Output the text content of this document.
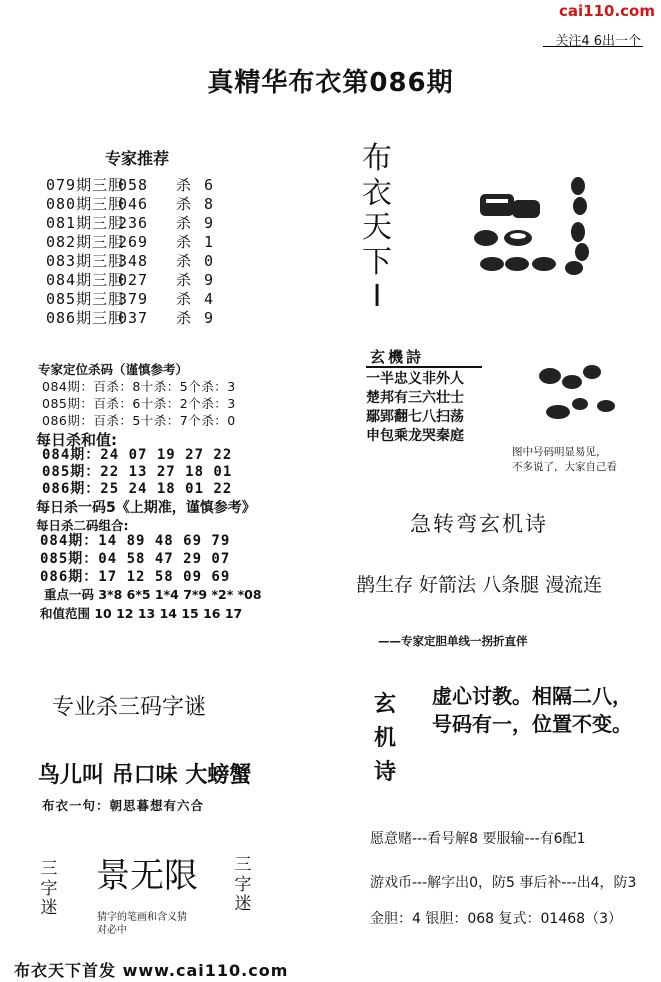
cai110.com
关注4 6出一个
真精华布衣第086期
专家推荐
079期三胆058 杀 6
080期三胆046 杀 8
081期三胆236 杀 9
082期三胆269 杀 1
083期三胆348 杀 0
084期三胆027 杀 9
085期三胆379 杀 4
086期三胆037 杀 9
专家定位杀码（谨慎参考）
084期：百杀：8十杀：5个杀：3
085期：百杀：6十杀：2个杀：3
086期：百杀：5十杀：7个杀：0
每日杀和值:
084期：24 07 19 27 22
085期：22 13 27 18 01
086期：25 24 18 01 22
每日杀一码5《上期准，谨慎参考》
每日杀二码组合:
084期：14 89 48 69 79
085期：04 58 47 29 07
086期：17 12 58 09 69
重点一码 3*8 6*5 1*4 7*9 *2* *08
和值范围 10 12 13 14 15 16 17
专业杀三码字谜
鸟儿叫 吊口味 大螃蟹
布衣一句：朝思暮想有六合
三字迷
景无限
猜字的笔画和含义猜
对必中
三字迷
布衣天下首发 www.cai110.com
布衣天下I
玄機詩
一半忠义非外人
楚邦有三六壮士
鄢郢翻七八扫荡
申包乘龙哭秦庭
图中号码明显易见，
不多说了，大家自己看
急转弯玄机诗
鹊生存 好箭法 八条腿 漫流连
——专家定胆单线一拐折直伴
玄机诗
虚心讨教。相隔二八，
号码有一，位置不变。
愿意赌---看号解8 要服输---有6配1
游戏币---解字出0，防5 事后补---出4，防3
金胆：4 银胆：068 复式：01468（3）
